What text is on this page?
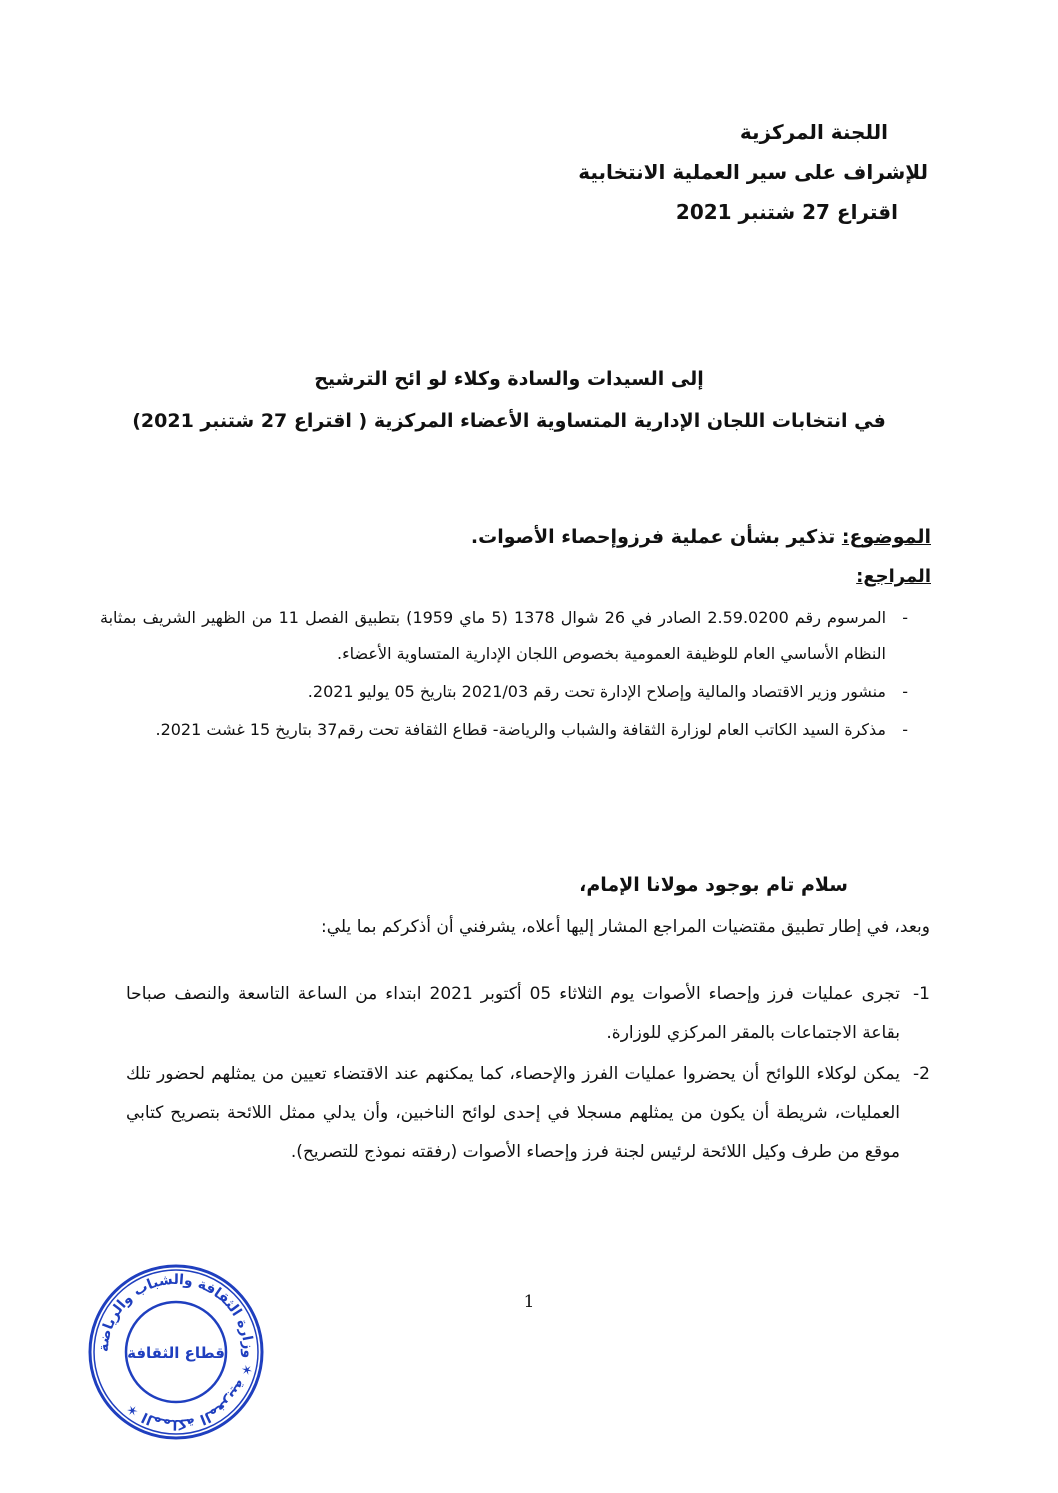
اللجنة المركزية
للإشراف على سير العملية الانتخابية
اقتراع 27 شتنبر 2021
إلى السيدات والسادة وكلاء لو ائح الترشيح
في انتخابات اللجان الإدارية المتساوية الأعضاء المركزية ( اقتراع 27 شتنبر 2021)
الموضوع: تذكير بشأن عملية فرزوإحصاء الأصوات.
المراجع:
- المرسوم رقم 2.59.0200 الصادر في 26 شوال 1378 (5 ماي 1959) بتطبيق الفصل 11 من الظهير الشريف بمثابة النظام الأساسي العام للوظيفة العمومية بخصوص اللجان الإدارية المتساوية الأعضاء.
- منشور وزير الاقتصاد والمالية وإصلاح الإدارة تحت رقم 2021/03 بتاريخ 05 يوليو 2021.
- مذكرة السيد الكاتب العام لوزارة الثقافة والشباب والرياضة- قطاع الثقافة تحت رقم37 بتاريخ 15 غشت 2021.
سلام تام بوجود مولانا الإمام،
وبعد، في إطار تطبيق مقتضيات المراجع المشار إليها أعلاه، يشرفني أن أذكركم بما يلي:
1-
تجرى عمليات فرز وإحصاء الأصوات يوم الثلاثاء 05 أكتوبر 2021 ابتداء من الساعة التاسعة والنصف صباحا بقاعة الاجتماعات بالمقر المركزي للوزارة.
2-
يمكن لوكلاء اللوائح أن يحضروا عمليات الفرز والإحصاء، كما يمكنهم عند الاقتضاء تعيين من يمثلهم لحضور تلك العمليات، شريطة أن يكون من يمثلهم مسجلا في إحدى لوائح الناخبين، وأن يدلي ممثل اللائحة بتصريح كتابي موقع من طرف وكيل اللائحة لرئيس لجنة فرز وإحصاء الأصوات (رفقته نموذج للتصريح).
1
المملكة المغربية ✶ وزارة الثقافة والشباب والرياضة ✶
قطاع الثقافة
